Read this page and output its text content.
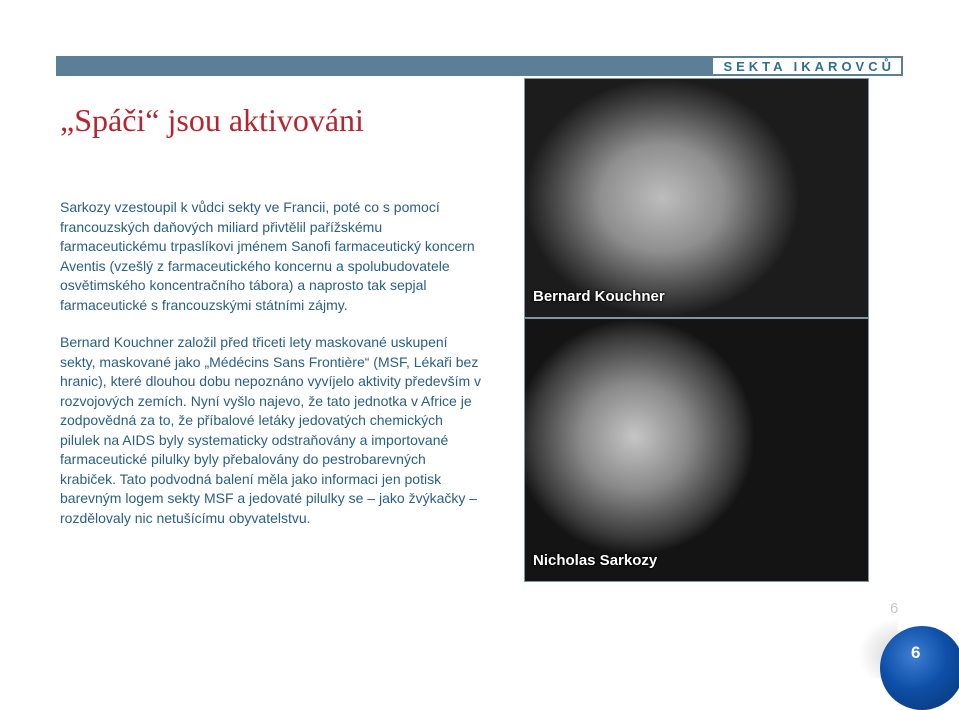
SEKTA IKAROVCŮ
„Spáči“ jsou aktivováni

Sarkozy vzestoupil k vůdci sekty ve Francii, poté co s pomocí francouzských daňových miliard přivtělil pařížskému farmaceutickému trpaslíkovi jménem Sanofi farmaceutický koncern Aventis (vzešlý z farmaceutického koncernu a spolubudovatele osvětimského koncentračního tábora) a naprosto tak sepjal farmaceutické s francouzskými státními zájmy.

Bernard Kouchner založil před třiceti lety maskované uskupení sekty, maskované jako „Médécins Sans Frontière“ (MSF, Lékaři bez hranic), které dlouhou dobu nepoznáno vyvíjelo aktivity především v rozvojových zemích. Nyní vyšlo najevo, že tato jednotka v Africe je zodpovědná za to, že příbalové letáky jedovatých chemických pilulek na AIDS byly systematicky odstraňovány a importované farmaceutické pilulky byly přebalovány do pestrobarevných krabiček. Tato podvodná balení měla jako informaci jen potisk barevným logem sekty MSF a jedovaté pilulky se – jako žvýkačky – rozdělovaly nic netušícímu obyvatelstvu.

Bernard Kouchner
Nicholas Sarkozy
6
6
